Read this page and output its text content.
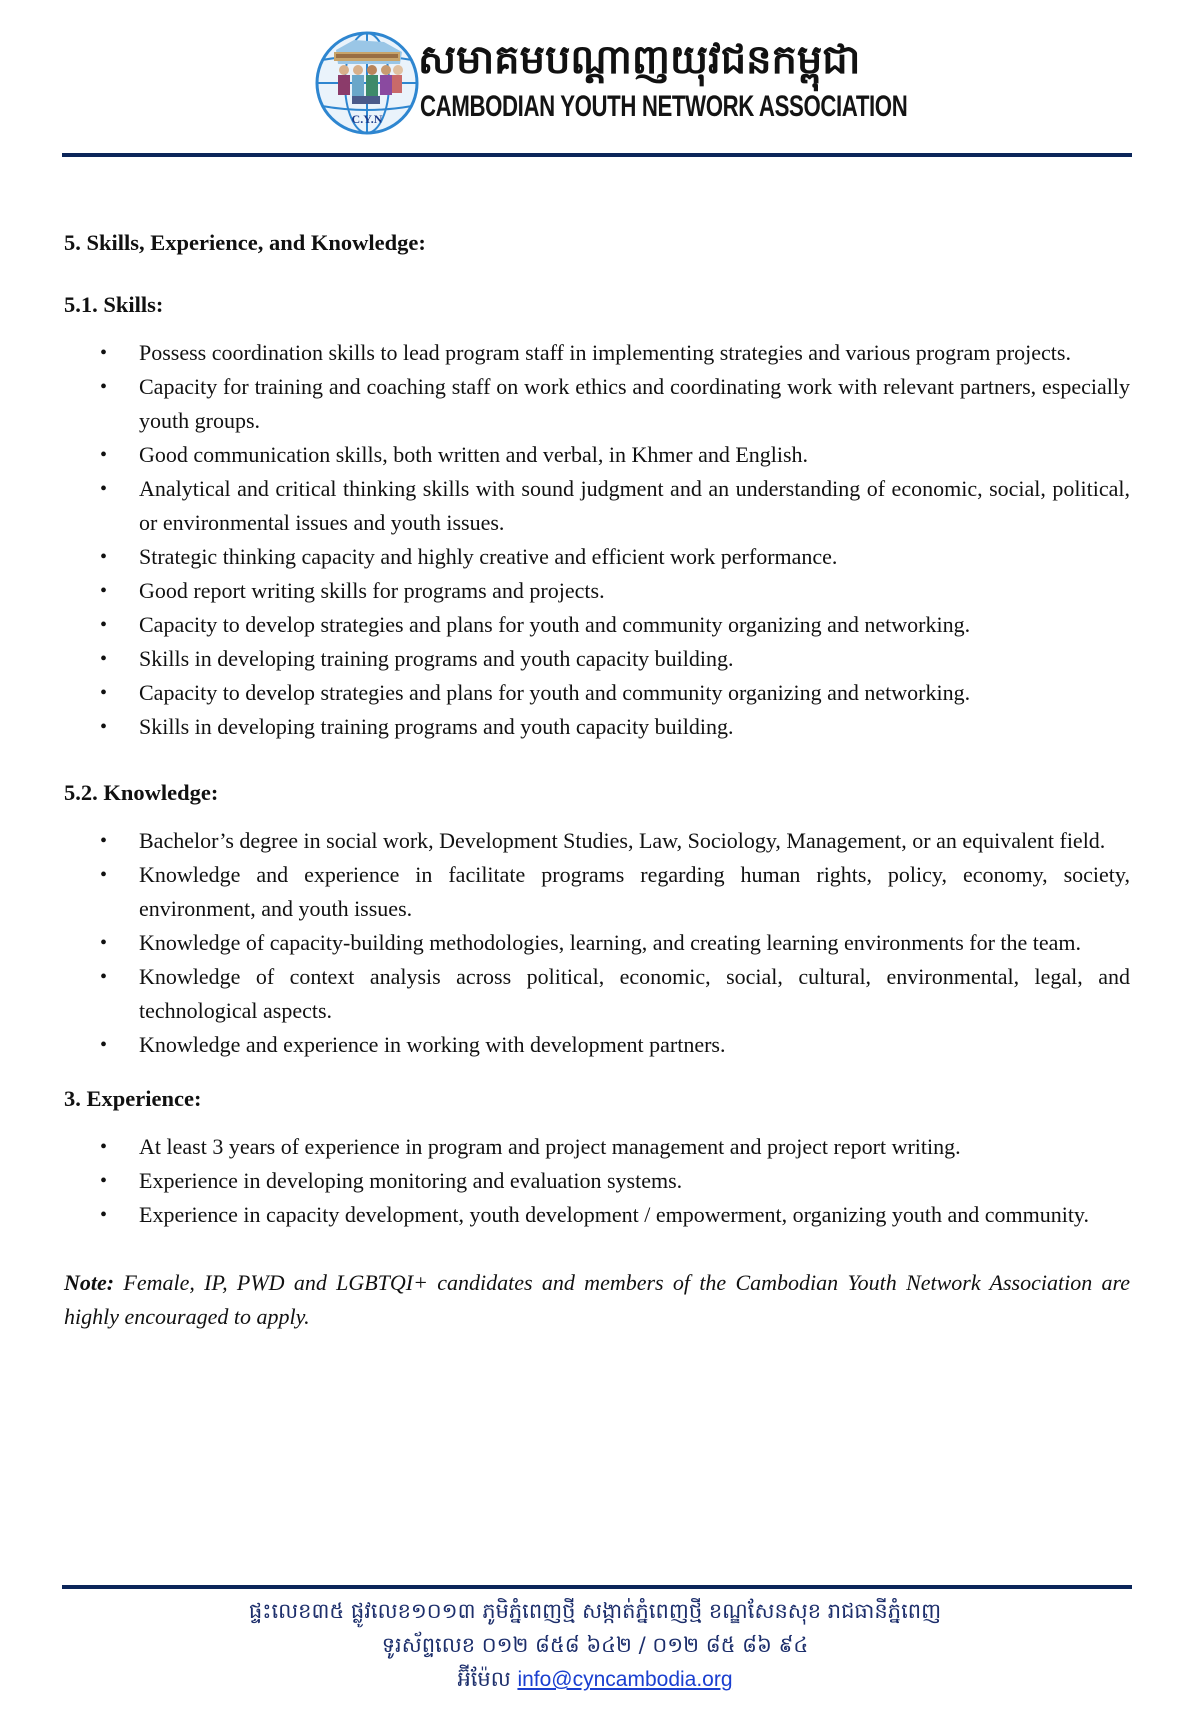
C.Y.N
សមាគមបណ្ដាញយុវជនកម្ពុជា
CAMBODIAN YOUTH NETWORK ASSOCIATION

5. Skills, Experience, and Knowledge:

5.1. Skills:

• Possess coordination skills to lead program staff in implementing strategies and various program projects.
• Capacity for training and coaching staff on work ethics and coordinating work with relevant partners, especially youth groups.
• Good communication skills, both written and verbal, in Khmer and English.
• Analytical and critical thinking skills with sound judgment and an understanding of economic, social, political, or environmental issues and youth issues.
• Strategic thinking capacity and highly creative and efficient work performance.
• Good report writing skills for programs and projects.
• Capacity to develop strategies and plans for youth and community organizing and networking.
• Skills in developing training programs and youth capacity building.
• Capacity to develop strategies and plans for youth and community organizing and networking.
• Skills in developing training programs and youth capacity building.

5.2. Knowledge:

• Bachelor’s degree in social work, Development Studies, Law, Sociology, Management, or an equivalent field.
• Knowledge and experience in facilitate programs regarding human rights, policy, economy, society, environment, and youth issues.
• Knowledge of capacity-building methodologies, learning, and creating learning environments for the team.
• Knowledge of context analysis across political, economic, social, cultural, environmental, legal, and technological aspects.
• Knowledge and experience in working with development partners.

3. Experience:

• At least 3 years of experience in program and project management and project report writing.
• Experience in developing monitoring and evaluation systems.
• Experience in capacity development, youth development / empowerment, organizing youth and community.

Note: Female, IP, PWD and LGBTQI+ candidates and members of the Cambodian Youth Network Association are highly encouraged to apply.

ផ្ទះលេខ៣៥ ផ្លូវលេខ១០១៣ ភូមិភ្នំពេញថ្មី សង្កាត់ភ្នំពេញថ្មី ខណ្ឌសែនសុខ រាជធានីភ្នំពេញ
ទូរស័ព្ទលេខ ០១២ ៨៥៨ ៦៤២ / ០១២ ៨៥ ៨៦ ៩៤
អ៊ីម៉ែល info@cyncambodia.org
